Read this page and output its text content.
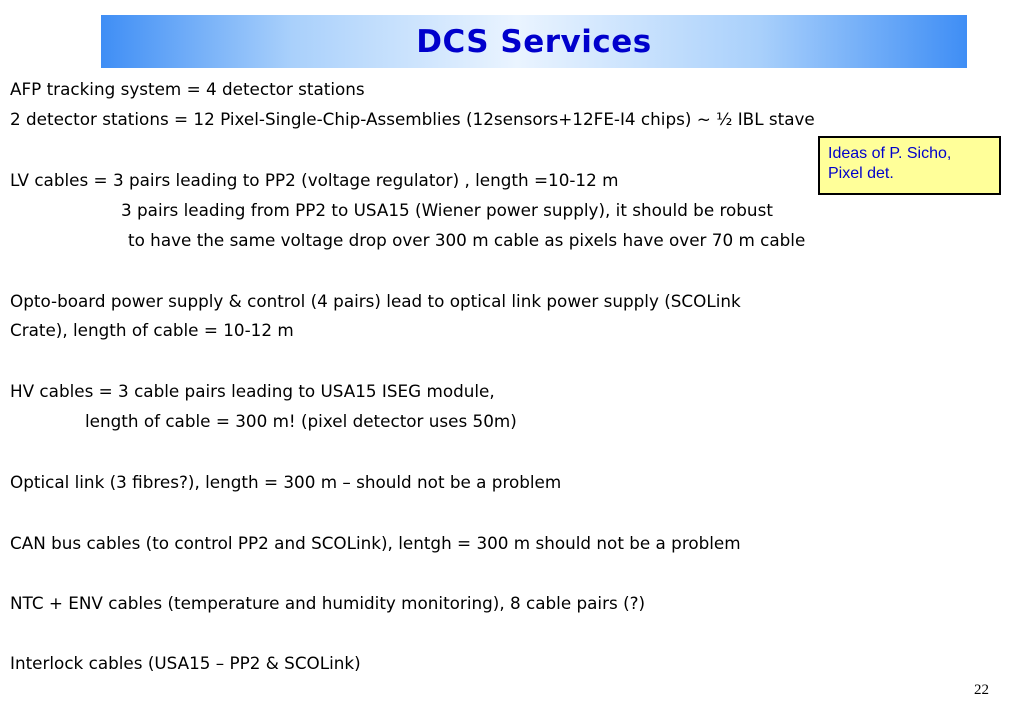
DCS Services
AFP tracking system = 4 detector stations
2 detector stations = 12 Pixel-Single-Chip-Assemblies (12sensors+12FE-I4 chips) ~ ½ IBL stave
LV cables = 3 pairs leading to PP2 (voltage regulator) , length =10-12 m
3 pairs leading from PP2 to USA15 (Wiener power supply), it should be robust
to have the same voltage drop over 300 m cable as pixels have over 70 m cable
Opto-board power supply & control (4 pairs) lead to optical link power supply (SCOLink
Crate), length of cable = 10-12 m
HV cables = 3 cable pairs leading to USA15 ISEG module,
length of cable = 300 m! (pixel detector uses 50m)
Optical link (3 fibres?), length = 300 m – should not be a problem
CAN bus cables (to control PP2 and SCOLink), lentgh = 300 m should not be a problem
NTC + ENV cables (temperature and humidity monitoring), 8 cable pairs (?)
Interlock cables (USA15 – PP2 & SCOLink)
Ideas of P. Sicho,
Pixel det.
22
